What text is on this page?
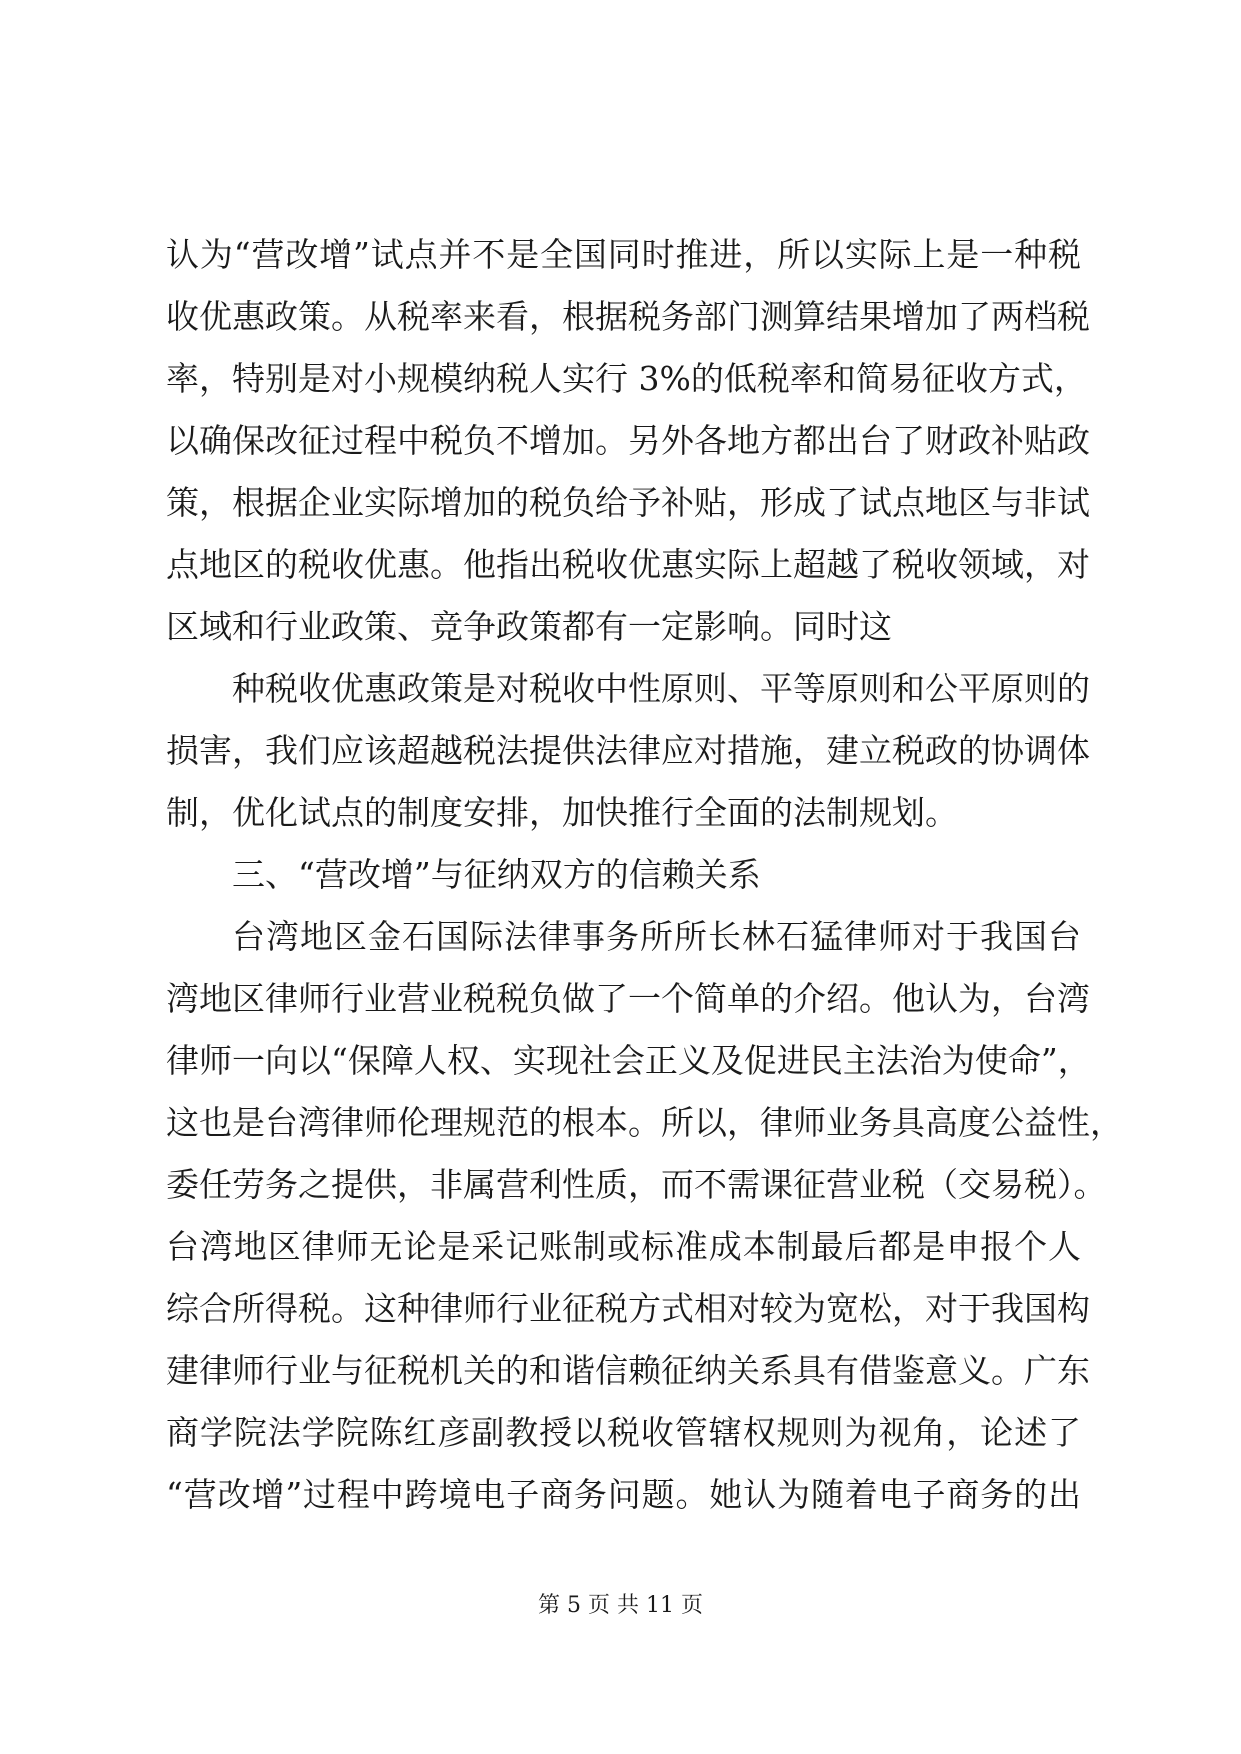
认为“营改增”试点并不是全国同时推进，所以实际上是一种税
收优惠政策。从税率来看，根据税务部门测算结果增加了两档税
率，特别是对小规模纳税人实行 3%的低税率和简易征收方式，
以确保改征过程中税负不增加。另外各地方都出台了财政补贴政
策，根据企业实际增加的税负给予补贴，形成了试点地区与非试
点地区的税收优惠。他指出税收优惠实际上超越了税收领域，对
区域和行业政策、竞争政策都有一定影响。同时这
种税收优惠政策是对税收中性原则、平等原则和公平原则的
损害，我们应该超越税法提供法律应对措施，建立税政的协调体
制，优化试点的制度安排，加快推行全面的法制规划。
三、“营改增”与征纳双方的信赖关系
台湾地区金石国际法律事务所所长林石猛律师对于我国台
湾地区律师行业营业税税负做了一个简单的介绍。他认为，台湾
律师一向以“保障人权、实现社会正义及促进民主法治为使命”，
这也是台湾律师伦理规范的根本。所以，律师业务具高度公益性，
委任劳务之提供，非属营利性质，而不需课征营业税（交易税）。
台湾地区律师无论是采记账制或标准成本制最后都是申报个人
综合所得税。这种律师行业征税方式相对较为宽松，对于我国构
建律师行业与征税机关的和谐信赖征纳关系具有借鉴意义。广东
商学院法学院陈红彦副教授以税收管辖权规则为视角，论述了
“营改增”过程中跨境电子商务问题。她认为随着电子商务的出
第 5 页 共 11 页
